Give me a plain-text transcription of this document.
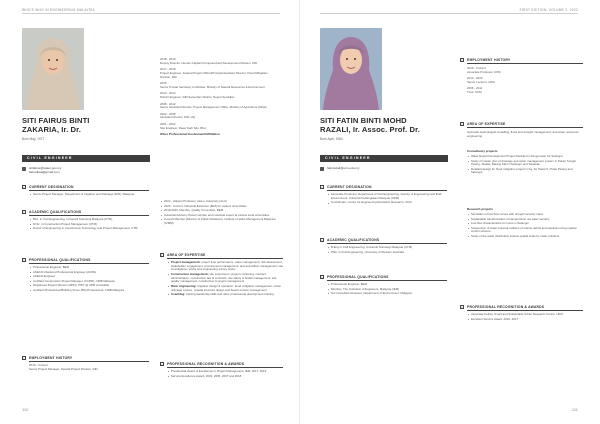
WHO'S WHO IN ENGINEERING MALAYSIA
SITI FAIRUS BINTI
ZAKARIA, Ir. Dr.
Born May, 1977
CIVIL ENGINEER
sitifairus@water.gov.my
fairusfkaa@gmail.com
▪	CURRENT DESIGNATION
Senior Project Manager, Department of Irrigation and Drainage (DID), Malaysia
▪	ACADEMIC QUALIFICATIONS
BSc. in Civil Engineering, Universiti Teknologi Malaysia (UTM)
M.Sc. in Construction Project Management (UTM)
Doctor of Engineering in Construction Technology and Project Management, UTM
▪	PROFESSIONAL QUALIFICATIONS
Professional Engineer, BEM
ASEAN Chartered Professional Engineer (ACPE)
ASEAN Engineer
Certified Construction Project Manager (CCPM), CIDB Malaysia
Registered Project Director (RPD), PWT @ APM (Australia)
Certified Professional Building Score (BS) Professional, CIDB Malaysia
▪	EMPLOYMENT HISTORY
2019 - Current
Senior Project Manager, Special Project Division, DID
2018 - 2019
Deputy Director, Human Capital (Competencies) Development Division, DID
2017 - 2018
Project Engineer, Federal Project Office/Principal Assistant Director, Flood Mitigation Division, DID
2016
Senior Private Secretary to Minister, Ministry of Natural Resources & Environment
2012 - 2013
District Engineer, DID Seremban District, Negeri Sembilan
2008 - 2012
Senior Assistant Director, Project Management Office, Ministry of Agriculture (MOA)
2002 - 2008
Assistant Director, DID, HQ
2001 - 2002
Site Engineer, Dasa Tuah Sdn. Bhd.
Other Professional Involvement/Affiliation
2022 - Adjunct Professor, Asia e University (AeU)
2020 - Current: Industrial Examiner (IEM) for various universities
2019-2020: Member, Quality Committee, BEM
Industrial Advisory Panel member and industrial expert at various local universities
Council Member (Director of Public Relations), Institute of Value Management Malaysia (IVMM)
▪	AREA OF EXPERTISE
Project management: project time performance, value management, risk assessment, stakeholder engagement, procurement management, and acquisition management; site investigation; works and engineering survey works
Construction management: site supervision, project monitoring, contract administration, construction law & contracts, site safety & health management, site quality management, construction & project management
River engineering: irrigation design & operation, flood mitigation management, urban drainage system, coastal structure design and beach erosion management
Coaching: training leadership skills and other professional development training
▪	PROFESSIONAL RECOGNITION & AWARDS
Presidential Award of Excellence in Project Management, IEM, 2017, 2019
Service Excellence Award, 2003, 2005, 2007 and 2018
110
FIRST EDITION, VOLUME 2, 2022
SITI FATIN BINTI MOHD
RAZALI, Ir. Assoc. Prof. Dr.
Born April, 1984
CIVIL ENGINEER
fatinrazali@utm.edu.my
▪	CURRENT DESIGNATION
Associate Professor, Department of Civil Engineering, Faculty of Engineering and Built Environment, Universiti Kebangsaan Malaysia (UKM)
Coordinator, Centre for Engineering Education Research, UKM
▪	ACADEMIC QUALIFICATIONS
B.Eng in Civil Engineering, Universiti Teknologi Malaysia (UTM)
PhD. in Civil Engineering, University of Western Australia
▪	PROFESSIONAL QUALIFICATIONS
Professional Engineer, BEM
Member, The Institution of Engineers, Malaysia (IEM)
G4 Consultant Assessor, Department of Environment, Malaysia
▪	EMPLOYMENT HISTORY
2020 - Current
Associate Professor, UKM
2012 - 2020
Senior Lecturer, UKM
2006 - 2011
Tutor, UKM
▪	AREA OF EXPERTISE
Hydraulic-Hydrological modelling, flood and drought management; and water resources engineering
Consultancy projects
Water Expert Development Project Module for Pengurusan Air Selangor
Study of master plan of drainage and water management system in Pekan Sungai Pusing, Skudai, Batang Kali in Selangor and Sarawak
Detailed design for flood mitigation project in Kg. Air Tawar 5, Pulau Pinang and Selangor
Research projects
Simulation of low flow curves with drought severity index
Sustainable transformation of Haman River via water security
Low flow characteristics for rivers in Selangor
Suspension of water-induced collision of marine debris and pipelines using coastal control scheme
Study of the water distribution indices spatial scale by scale cylinders
▪	PROFESSIONAL RECOGNITION & AWARDS
Associate Fellow, Smart and Sustainable Urban Research Centre, UKM
Excellent Service Award, 2016, 2017
111
